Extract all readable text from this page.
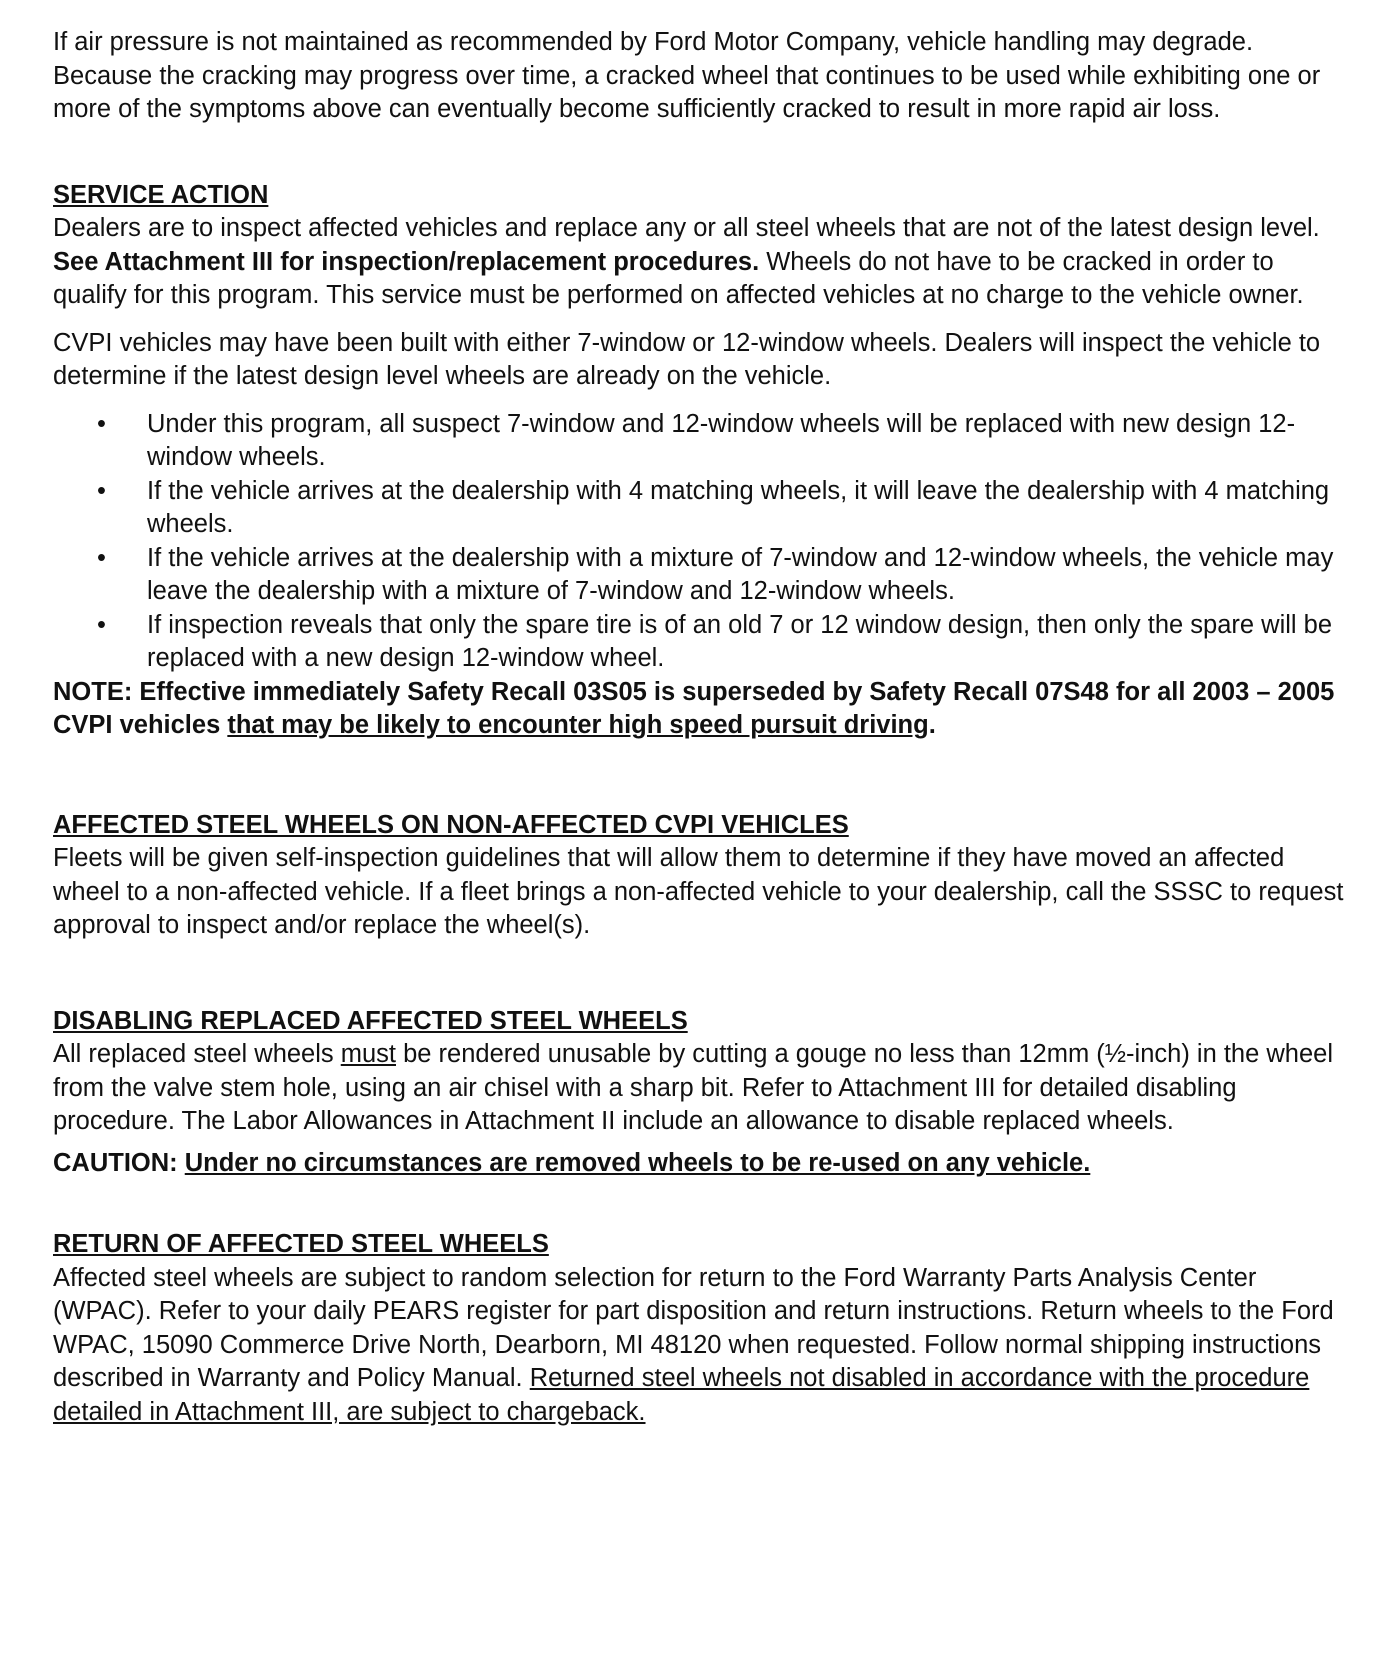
If air pressure is not maintained as recommended by Ford Motor Company, vehicle handling may degrade. Because the cracking may progress over time, a cracked wheel that continues to be used while exhibiting one or more of the symptoms above can eventually become sufficiently cracked to result in more rapid air loss.

SERVICE ACTION

Dealers are to inspect affected vehicles and replace any or all steel wheels that are not of the latest design level. See Attachment III for inspection/replacement procedures. Wheels do not have to be cracked in order to qualify for this program. This service must be performed on affected vehicles at no charge to the vehicle owner.

CVPI vehicles may have been built with either 7-window or 12-window wheels. Dealers will inspect the vehicle to determine if the latest design level wheels are already on the vehicle.

• Under this program, all suspect 7-window and 12-window wheels will be replaced with new design 12-window wheels.
• If the vehicle arrives at the dealership with 4 matching wheels, it will leave the dealership with 4 matching wheels.
• If the vehicle arrives at the dealership with a mixture of 7-window and 12-window wheels, the vehicle may leave the dealership with a mixture of 7-window and 12-window wheels.
• If inspection reveals that only the spare tire is of an old 7 or 12 window design, then only the spare will be replaced with a new design 12-window wheel.

NOTE: Effective immediately Safety Recall 03S05 is superseded by Safety Recall 07S48 for all 2003 – 2005 CVPI vehicles that may be likely to encounter high speed pursuit driving.

AFFECTED STEEL WHEELS ON NON-AFFECTED CVPI VEHICLES

Fleets will be given self-inspection guidelines that will allow them to determine if they have moved an affected wheel to a non-affected vehicle. If a fleet brings a non-affected vehicle to your dealership, call the SSSC to request approval to inspect and/or replace the wheel(s).

DISABLING REPLACED AFFECTED STEEL WHEELS

All replaced steel wheels must be rendered unusable by cutting a gouge no less than 12mm (½-inch) in the wheel from the valve stem hole, using an air chisel with a sharp bit. Refer to Attachment III for detailed disabling procedure. The Labor Allowances in Attachment II include an allowance to disable replaced wheels.

CAUTION: Under no circumstances are removed wheels to be re-used on any vehicle.

RETURN OF AFFECTED STEEL WHEELS

Affected steel wheels are subject to random selection for return to the Ford Warranty Parts Analysis Center (WPAC). Refer to your daily PEARS register for part disposition and return instructions. Return wheels to the Ford WPAC, 15090 Commerce Drive North, Dearborn, MI 48120 when requested. Follow normal shipping instructions described in Warranty and Policy Manual. Returned steel wheels not disabled in accordance with the procedure detailed in Attachment III, are subject to chargeback.
